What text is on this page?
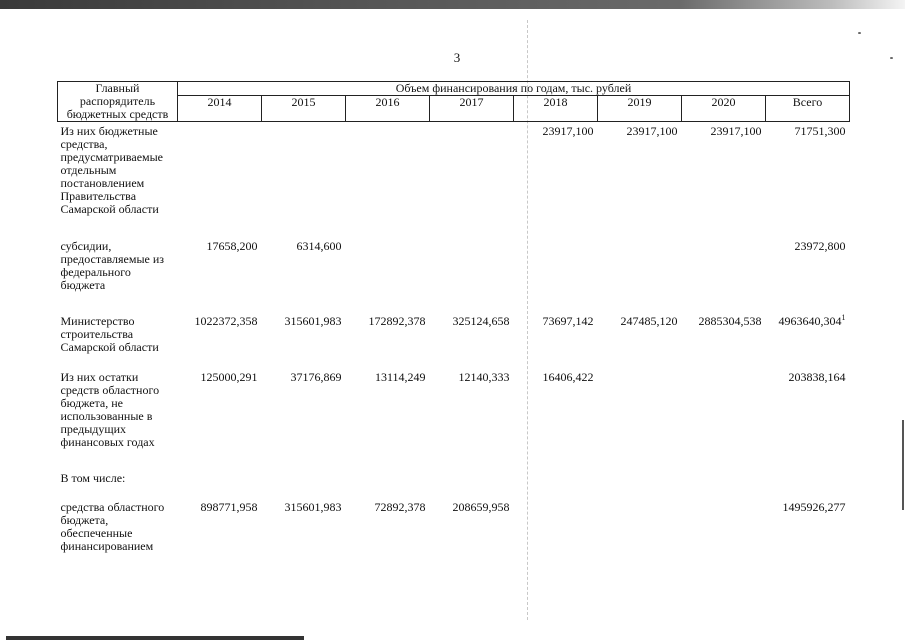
3
Главный распорядитель бюджетных средств	Объем финансирования по годам, тыс. рублей							
	2014	2015	2016	2017	2018	2019	2020	Всего
Из них бюджетные средства, предусматриваемые отдельным постановлением Правительства Самарской области					23917,100	23917,100	23917,100	71751,300
субсидии, предоставляемые из федерального бюджета	17658,200	6314,600						23972,800
Министерство строительства Самарской области	1022372,358	315601,983	172892,378	325124,658	73697,142	247485,120	2885304,538	4963640,304$^1$
Из них остатки средств областного бюджета, не использованные в предыдущих финансовых годах	125000,291	37176,869	13114,249	12140,333	16406,422			203838,164
В том числе:								
средства областного бюджета, обеспеченные финансированием	898771,958	315601,983	72892,378	208659,958				1495926,277
